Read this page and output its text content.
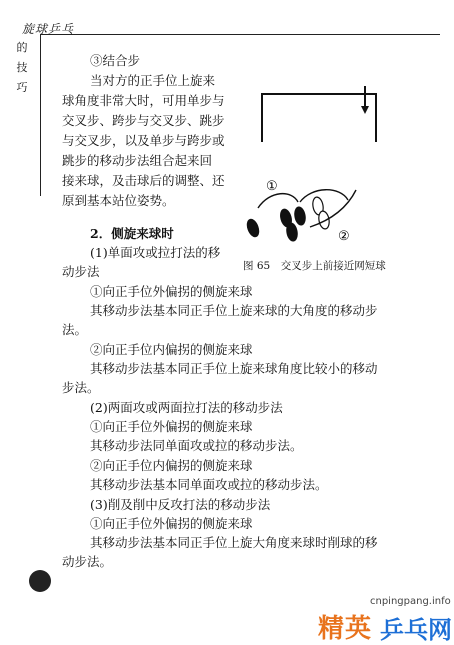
旋球乒乓
的
技
巧
③结合步
当对方的正手位上旋来
球角度非常大时，可用单步与
交叉步、跨步与交叉步、跳步
与交叉步，以及单步与跨步或
跳步的移动步法组合起来回
接来球，及击球后的调整、还
原到基本站位姿势。
2．侧旋来球时
(1)单面攻或拉打法的移
动步法
①向正手位外偏拐的侧旋来球
其移动步法基本同正手位上旋来球的大角度的移动步
法。
②向正手位内偏拐的侧旋来球
其移动步法基本同正手位上旋来球角度比较小的移动
步法。
(2)两面攻或两面拉打法的移动步法
①向正手位外偏拐的侧旋来球
其移动步法同单面攻或拉的移动步法。
②向正手位内偏拐的侧旋来球
其移动步法基本同单面攻或拉的移动步法。
(3)削及削中反攻打法的移动步法
①向正手位外偏拐的侧旋来球
其移动步法基本同正手位上旋大角度来球时削球的移
动步法。
①
②
图 65　交叉步上前接近网短球
cnpingpang.info
精英 乒乓网
